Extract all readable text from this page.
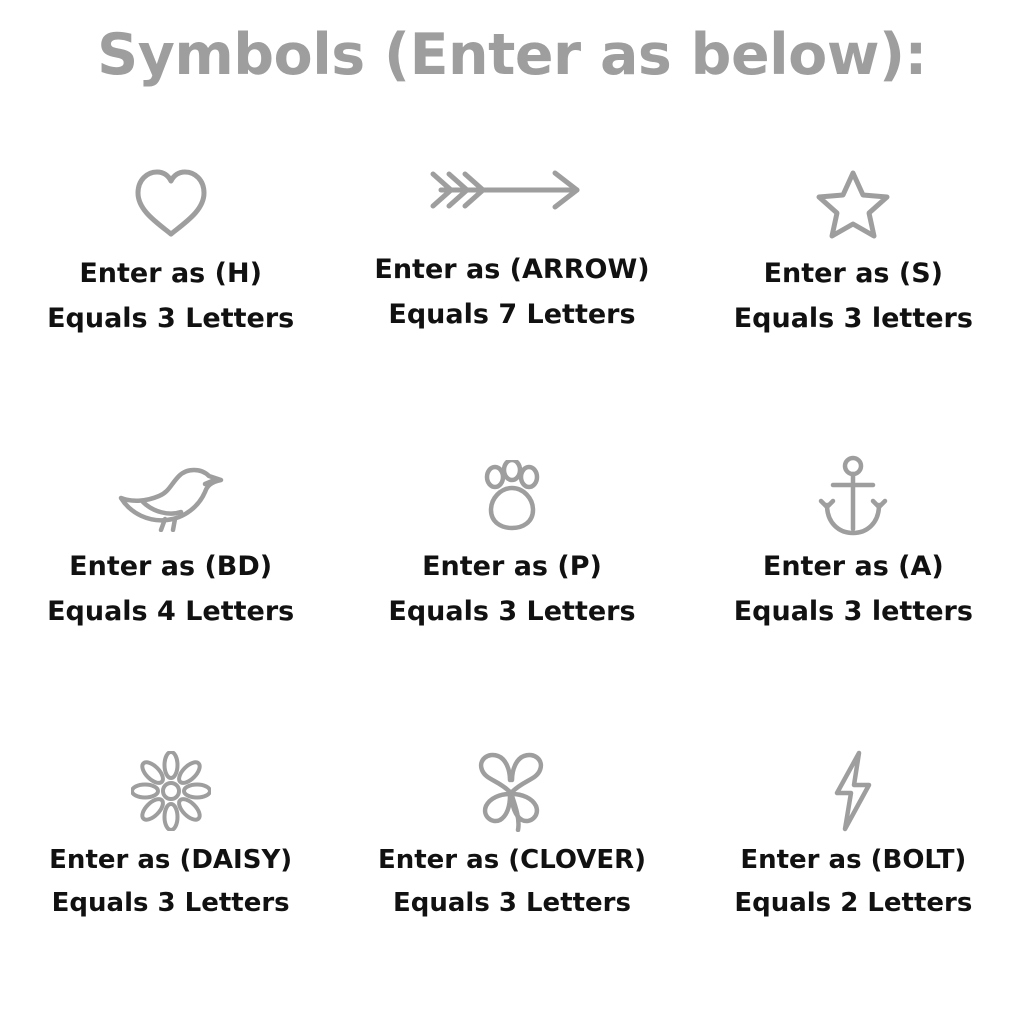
Symbols (Enter as below):
Enter as (H)
Equals 3 Letters
Enter as (ARROW)
Equals 7 Letters
Enter as (S)
Equals 3 letters
Enter as (BD)
Equals 4 Letters
Enter as (P)
Equals 3 Letters
Enter as (A)
Equals 3 letters
Enter as (DAISY)
Equals 3 Letters
Enter as (CLOVER)
Equals 3 Letters
Enter as (BOLT)
Equals 2 Letters
